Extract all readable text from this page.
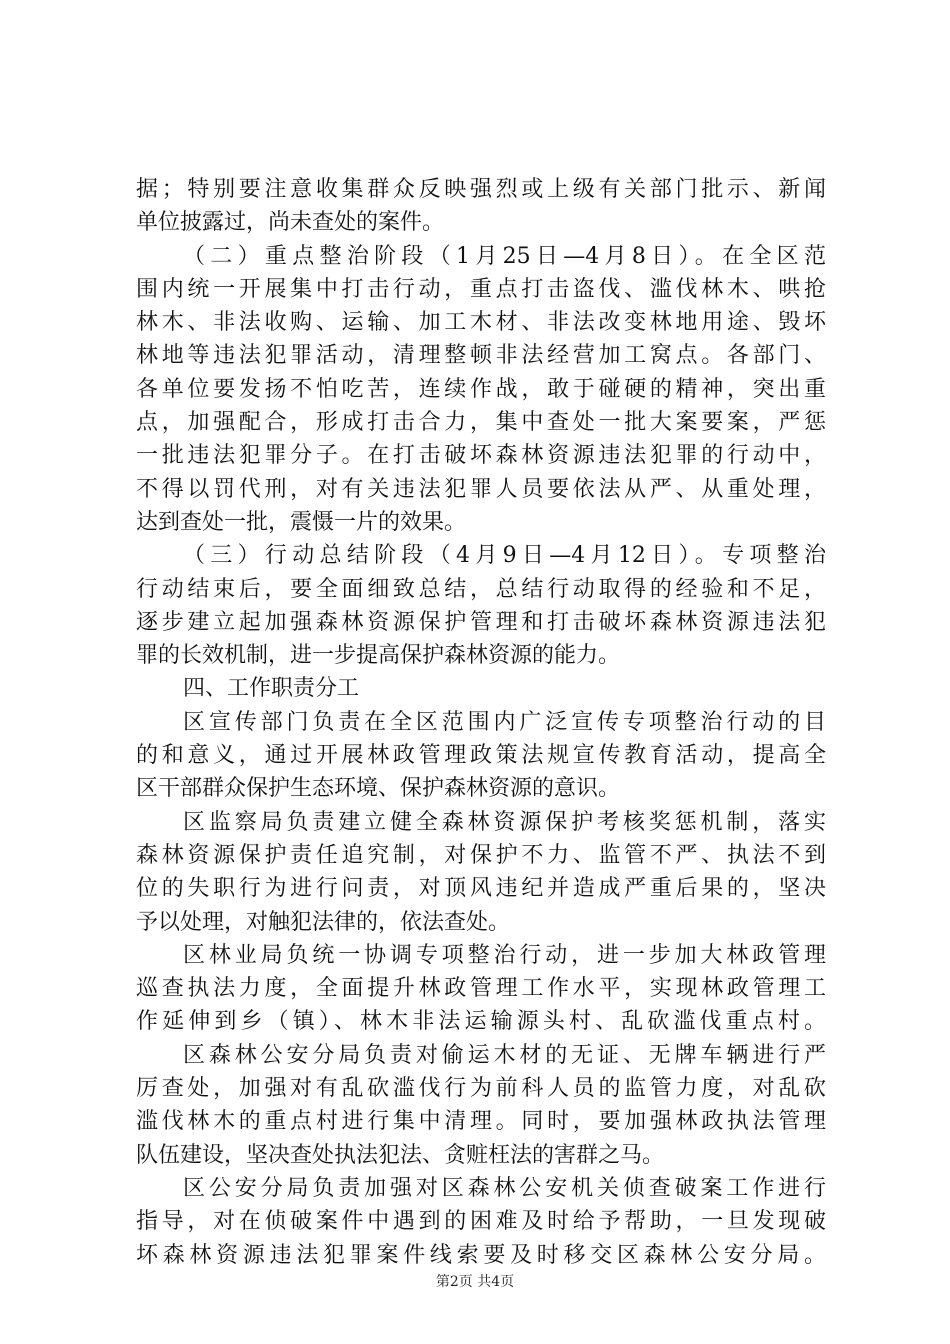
据；特别要注意收集群众反映强烈或上级有关部门批示、新闻
单位披露过，尚未查处的案件。
（二）重点整治阶段（1月25日—4月8日）。在全区范
围内统一开展集中打击行动，重点打击盗伐、滥伐林木、哄抢
林木、非法收购、运输、加工木材、非法改变林地用途、毁坏
林地等违法犯罪活动，清理整顿非法经营加工窝点。各部门、
各单位要发扬不怕吃苦，连续作战，敢于碰硬的精神，突出重
点，加强配合，形成打击合力，集中查处一批大案要案，严惩
一批违法犯罪分子。在打击破坏森林资源违法犯罪的行动中，
不得以罚代刑，对有关违法犯罪人员要依法从严、从重处理，
达到查处一批，震慑一片的效果。
（三）行动总结阶段（4月9日—4月12日）。专项整治
行动结束后，要全面细致总结，总结行动取得的经验和不足，
逐步建立起加强森林资源保护管理和打击破坏森林资源违法犯
罪的长效机制，进一步提高保护森林资源的能力。
四、工作职责分工
区宣传部门负责在全区范围内广泛宣传专项整治行动的目
的和意义，通过开展林政管理政策法规宣传教育活动，提高全
区干部群众保护生态环境、保护森林资源的意识。
区监察局负责建立健全森林资源保护考核奖惩机制，落实
森林资源保护责任追究制，对保护不力、监管不严、执法不到
位的失职行为进行问责，对顶风违纪并造成严重后果的，坚决
予以处理，对触犯法律的，依法查处。
区林业局负统一协调专项整治行动，进一步加大林政管理
巡查执法力度，全面提升林政管理工作水平，实现林政管理工
作延伸到乡（镇）、林木非法运输源头村、乱砍滥伐重点村。
区森林公安分局负责对偷运木材的无证、无牌车辆进行严
厉查处，加强对有乱砍滥伐行为前科人员的监管力度，对乱砍
滥伐林木的重点村进行集中清理。同时，要加强林政执法管理
队伍建设，坚决查处执法犯法、贪赃枉法的害群之马。
区公安分局负责加强对区森林公安机关侦查破案工作进行
指导，对在侦破案件中遇到的困难及时给予帮助，一旦发现破
坏森林资源违法犯罪案件线索要及时移交区森林公安分局。
第2页 共4页
